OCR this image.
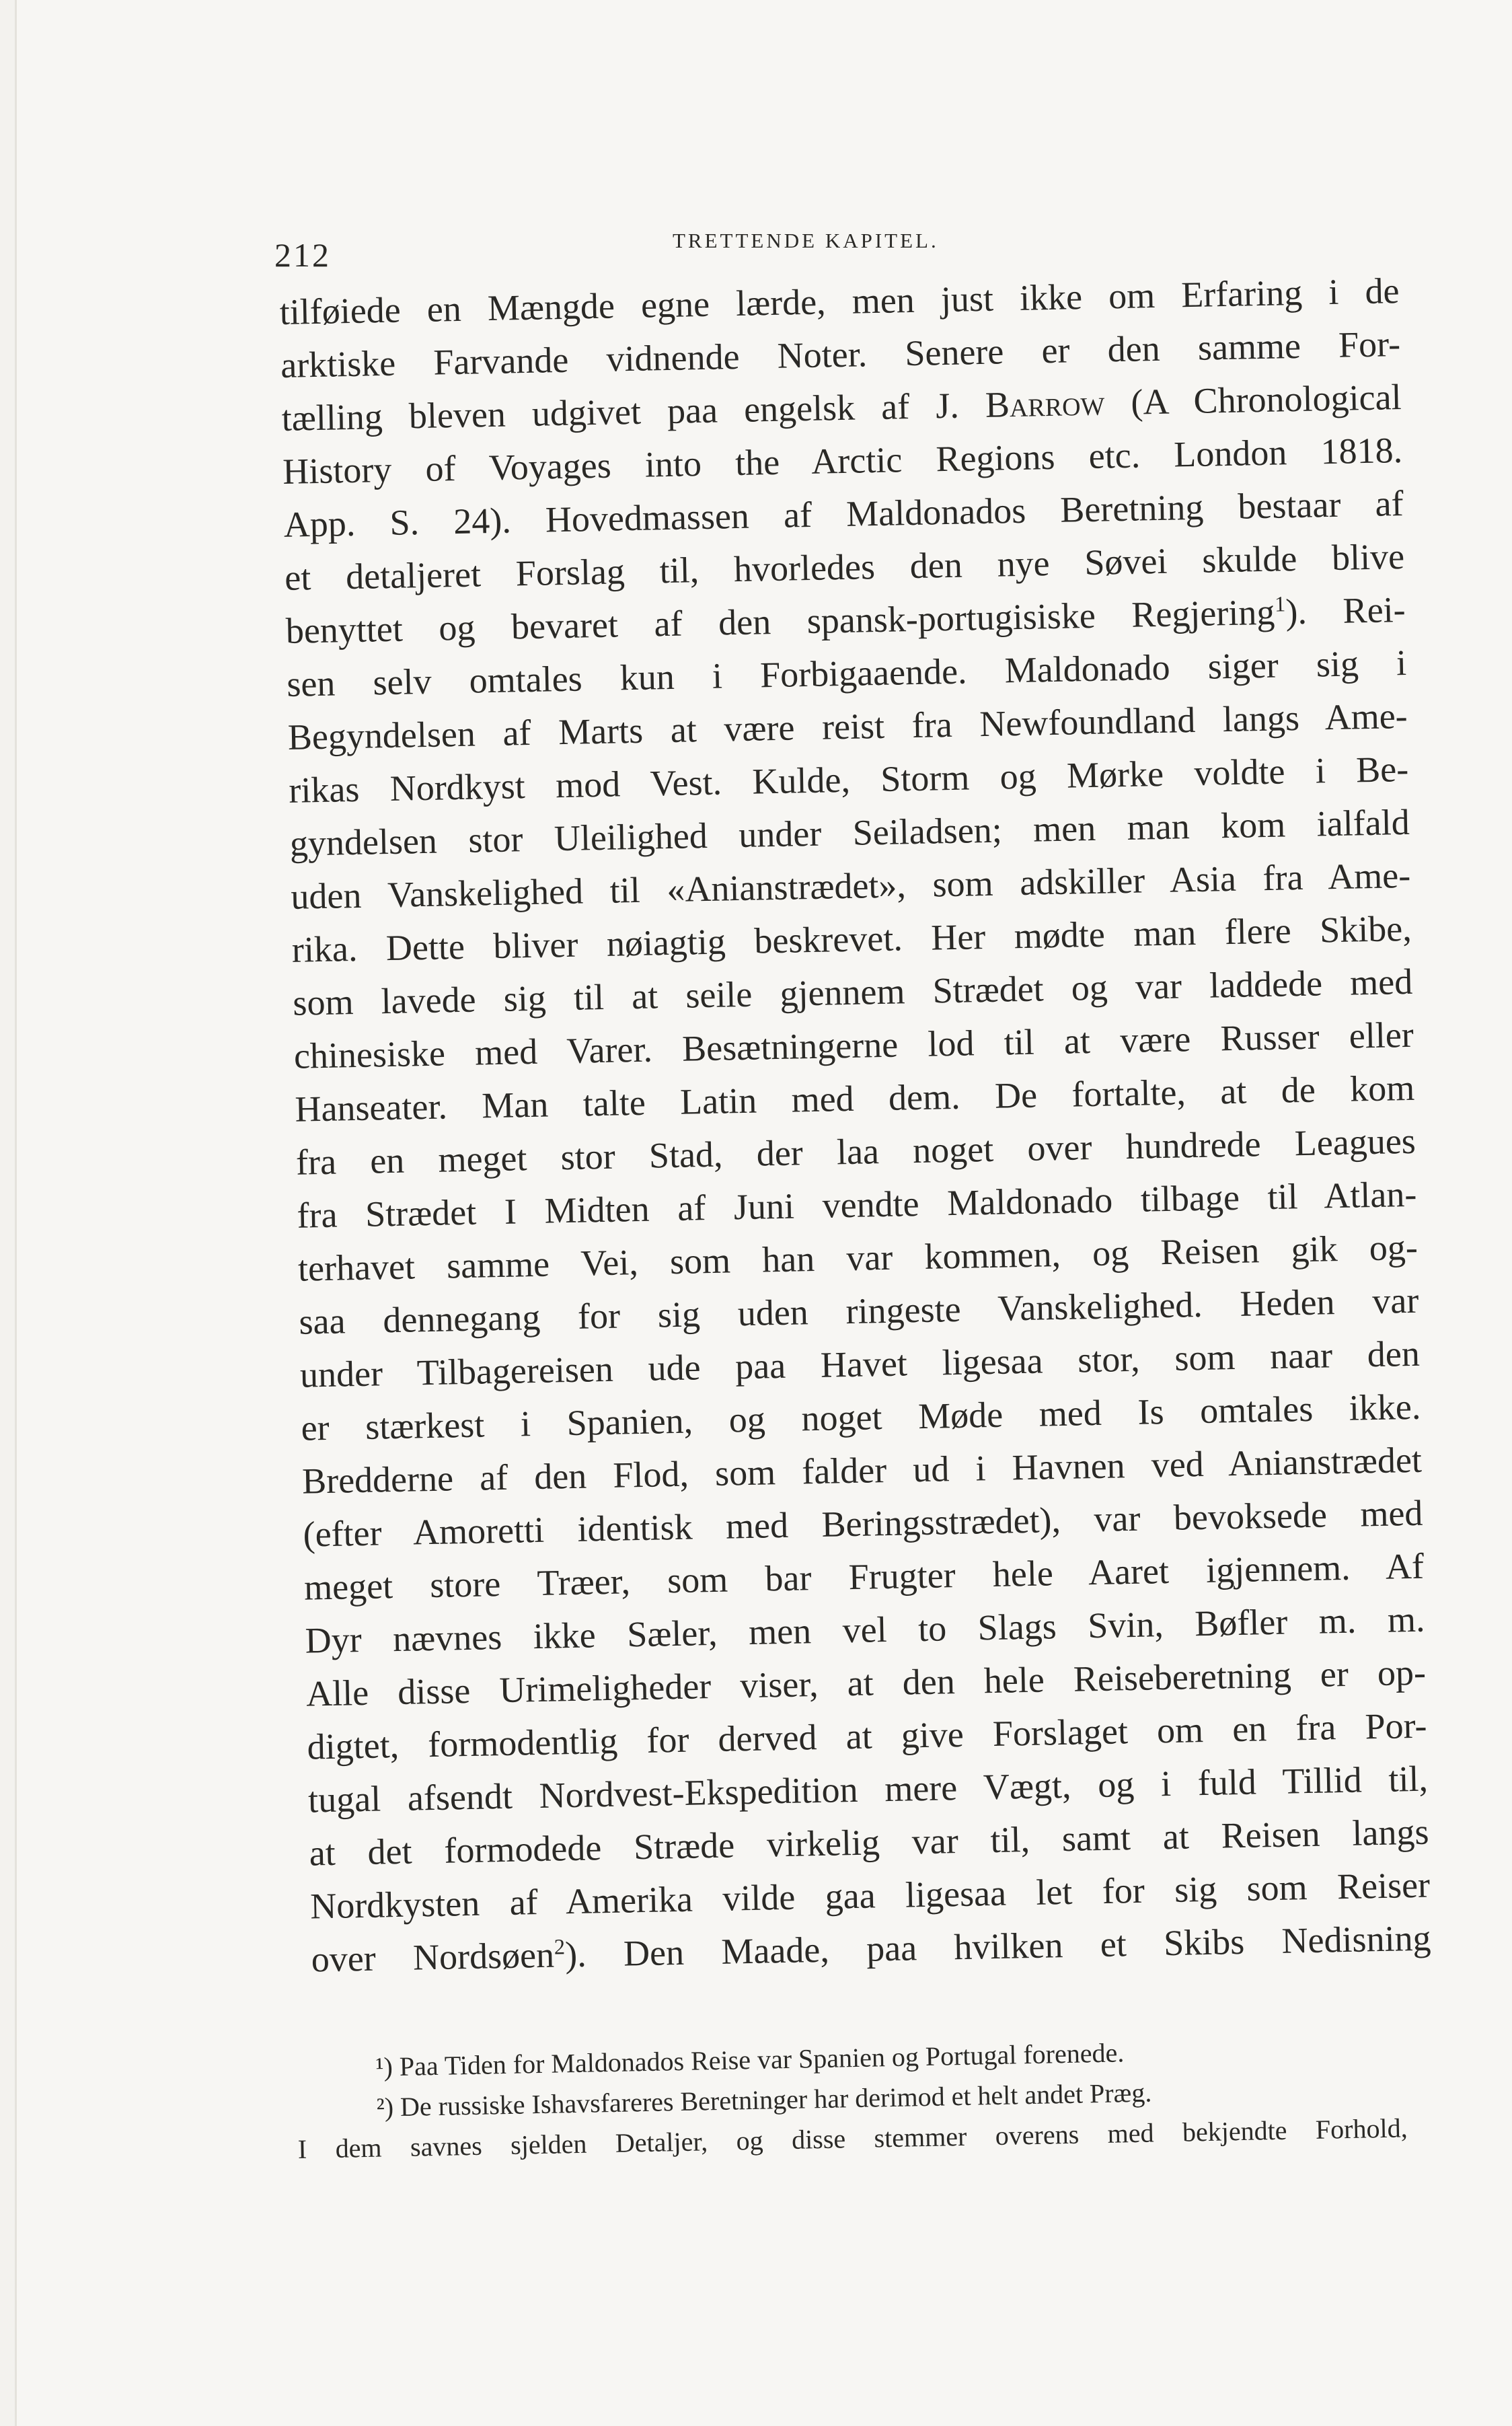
212	TRETTENDE KAPITEL.
tilføiede en Mængde egne lærde, men just ikke om Erfaring i de
arktiske Farvande vidnende Noter. Senere er den samme For-
tælling bleven udgivet paa engelsk af J. Barrow (A Chronological
History of Voyages into the Arctic Regions etc. London 1818.
App. S. 24). Hovedmassen af Maldonados Beretning bestaar af
et detaljeret Forslag til, hvorledes den nye Søvei skulde blive
benyttet og bevaret af den spansk-portugisiske Regjering$^1$). Rei-
sen selv omtales kun i Forbigaaende. Maldonado siger sig i
Begyndelsen af Marts at være reist fra Newfoundland langs Ame-
rikas Nordkyst mod Vest. Kulde, Storm og Mørke voldte i Be-
gyndelsen stor Uleilighed under Seiladsen; men man kom ialfald
uden Vanskelighed til «Anianstrædet», som adskiller Asia fra Ame-
rika. Dette bliver nøiagtig beskrevet. Her mødte man flere Skibe,
som lavede sig til at seile gjennem Strædet og var laddede med
chinesiske med Varer. Besætningerne lod til at være Russer eller
Hanseater. Man talte Latin med dem. De fortalte, at de kom
fra en meget stor Stad, der laa noget over hundrede Leagues
fra Strædet I Midten af Juni vendte Maldonado tilbage til Atlan-
terhavet samme Vei, som han var kommen, og Reisen gik og-
saa dennegang for sig uden ringeste Vanskelighed. Heden var
under Tilbagereisen ude paa Havet ligesaa stor, som naar den
er stærkest i Spanien, og noget Møde med Is omtales ikke.
Bredderne af den Flod, som falder ud i Havnen ved Anianstrædet
(efter Amoretti identisk med Beringsstrædet), var bevoksede med
meget store Træer, som bar Frugter hele Aaret igjennem. Af
Dyr nævnes ikke Sæler, men vel to Slags Svin, Bøfler m. m.
Alle disse Urimeligheder viser, at den hele Reiseberetning er op-
digtet, formodentlig for derved at give Forslaget om en fra Por-
tugal afsendt Nordvest-Ekspedition mere Vægt, og i fuld Tillid til,
at det formodede Stræde virkelig var til, samt at Reisen langs
Nordkysten af Amerika vilde gaa ligesaa let for sig som Reiser
over Nordsøen$^2$). Den Maade, paa hvilken et Skibs Nedisning
¹) Paa Tiden for Maldonados Reise var Spanien og Portugal forenede.
²) De russiske Ishavsfareres Beretninger har derimod et helt andet Præg.
I dem savnes sjelden Detaljer, og disse stemmer overens med bekjendte Forhold,
